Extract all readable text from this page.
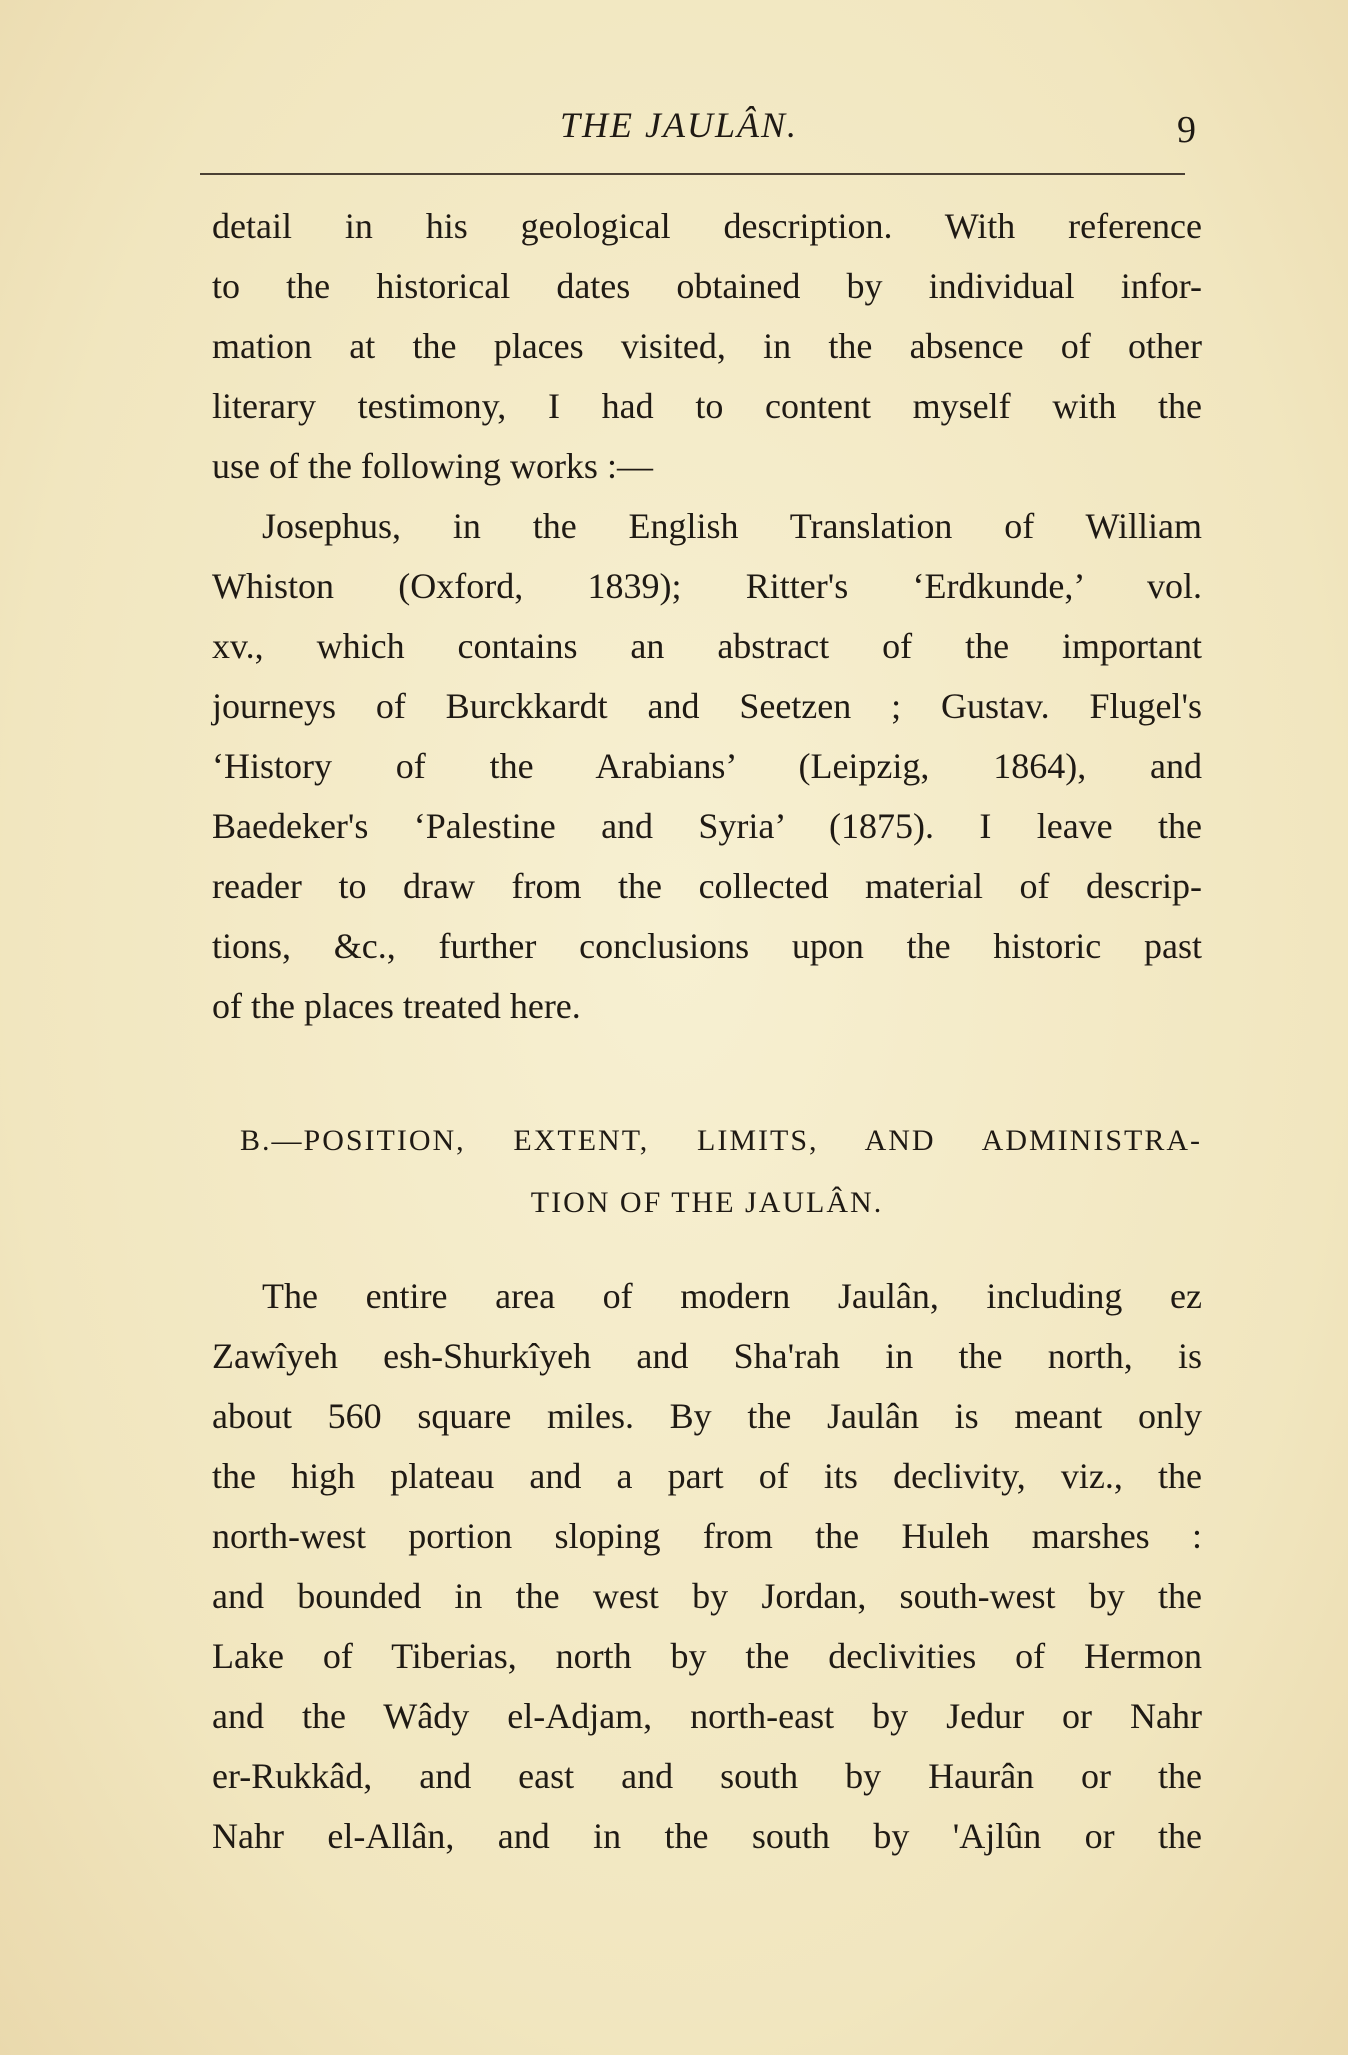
THE JAULÂN.	9
detail in his geological description. With reference
to the historical dates obtained by individual infor-
mation at the places visited, in the absence of other
literary testimony, I had to content myself with the
use of the following works :—
Josephus, in the English Translation of William
Whiston (Oxford, 1839); Ritter's ‘Erdkunde,’ vol.
xv., which contains an abstract of the important
journeys of Burckkardt and Seetzen ; Gustav. Flugel's
‘History of the Arabians’ (Leipzig, 1864), and
Baedeker's ‘Palestine and Syria’ (1875). I leave the
reader to draw from the collected material of descrip-
tions, &c., further conclusions upon the historic past
of the places treated here.
B.—POSITION, EXTENT, LIMITS, AND ADMINISTRA-
TION OF THE JAULÂN.
The entire area of modern Jaulân, including ez
Zawîyeh esh-Shurkîyeh and Sha'rah in the north, is
about 560 square miles. By the Jaulân is meant only
the high plateau and a part of its declivity, viz., the
north-west portion sloping from the Huleh marshes :
and bounded in the west by Jordan, south-west by the
Lake of Tiberias, north by the declivities of Hermon
and the Wâdy el-Adjam, north-east by Jedur or Nahr
er-Rukkâd, and east and south by Haurân or the
Nahr el-Allân, and in the south by 'Ajlûn or the
